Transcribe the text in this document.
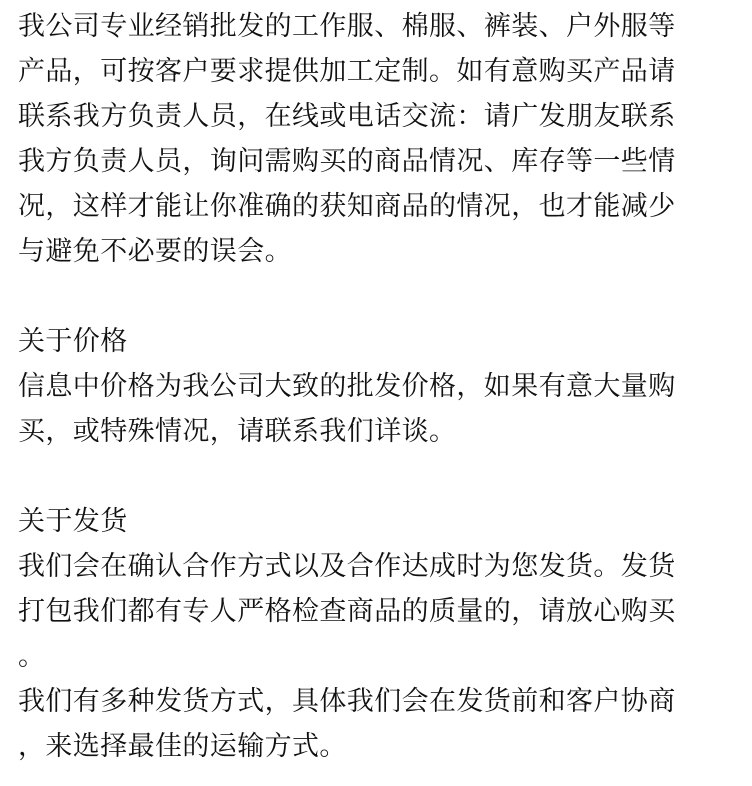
我公司专业经销批发的工作服、棉服、裤装、户外服等
产品，可按客户要求提供加工定制。如有意购买产品请
联系我方负责人员，在线或电话交流：请广发朋友联系
我方负责人员，询问需购买的商品情况、库存等一些情
况，这样才能让你准确的获知商品的情况，也才能减少
与避免不必要的误会。
关于价格
信息中价格为我公司大致的批发价格，如果有意大量购
买，或特殊情况，请联系我们详谈。
关于发货
我们会在确认合作方式以及合作达成时为您发货。发货
打包我们都有专人严格检查商品的质量的，请放心购买
。
我们有多种发货方式，具体我们会在发货前和客户协商
，来选择最佳的运输方式。
